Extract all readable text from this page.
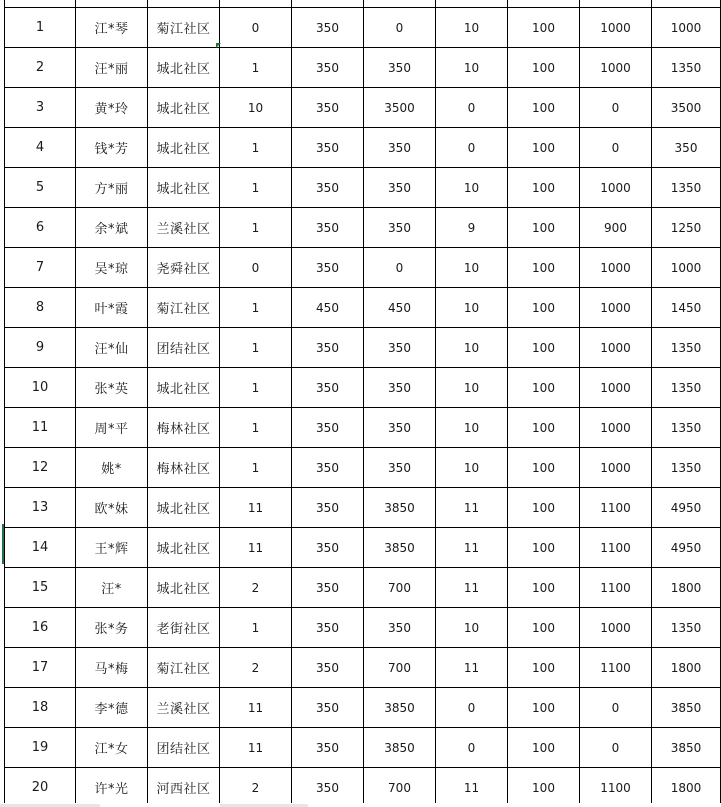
1	江*琴	菊江社区	0	350	0	10	100	1000	1000
2	汪*丽	城北社区	1	350	350	10	100	1000	1350
3	黄*玲	城北社区	10	350	3500	0	100	0	3500
4	钱*芳	城北社区	1	350	350	0	100	0	350
5	方*丽	城北社区	1	350	350	10	100	1000	1350
6	余*斌	兰溪社区	1	350	350	9	100	900	1250
7	吴*琼	尧舜社区	0	350	0	10	100	1000	1000
8	叶*霞	菊江社区	1	450	450	10	100	1000	1450
9	汪*仙	团结社区	1	350	350	10	100	1000	1350
10	张*英	城北社区	1	350	350	10	100	1000	1350
11	周*平	梅林社区	1	350	350	10	100	1000	1350
12	姚*	梅林社区	1	350	350	10	100	1000	1350
13	欧*妹	城北社区	11	350	3850	11	100	1100	4950
14	王*辉	城北社区	11	350	3850	11	100	1100	4950
15	汪*	城北社区	2	350	700	11	100	1100	1800
16	张*务	老街社区	1	350	350	10	100	1000	1350
17	马*梅	菊江社区	2	350	700	11	100	1100	1800
18	李*德	兰溪社区	11	350	3850	0	100	0	3850
19	江*女	团结社区	11	350	3850	0	100	0	3850
20	许*光	河西社区	2	350	700	11	100	1100	1800
